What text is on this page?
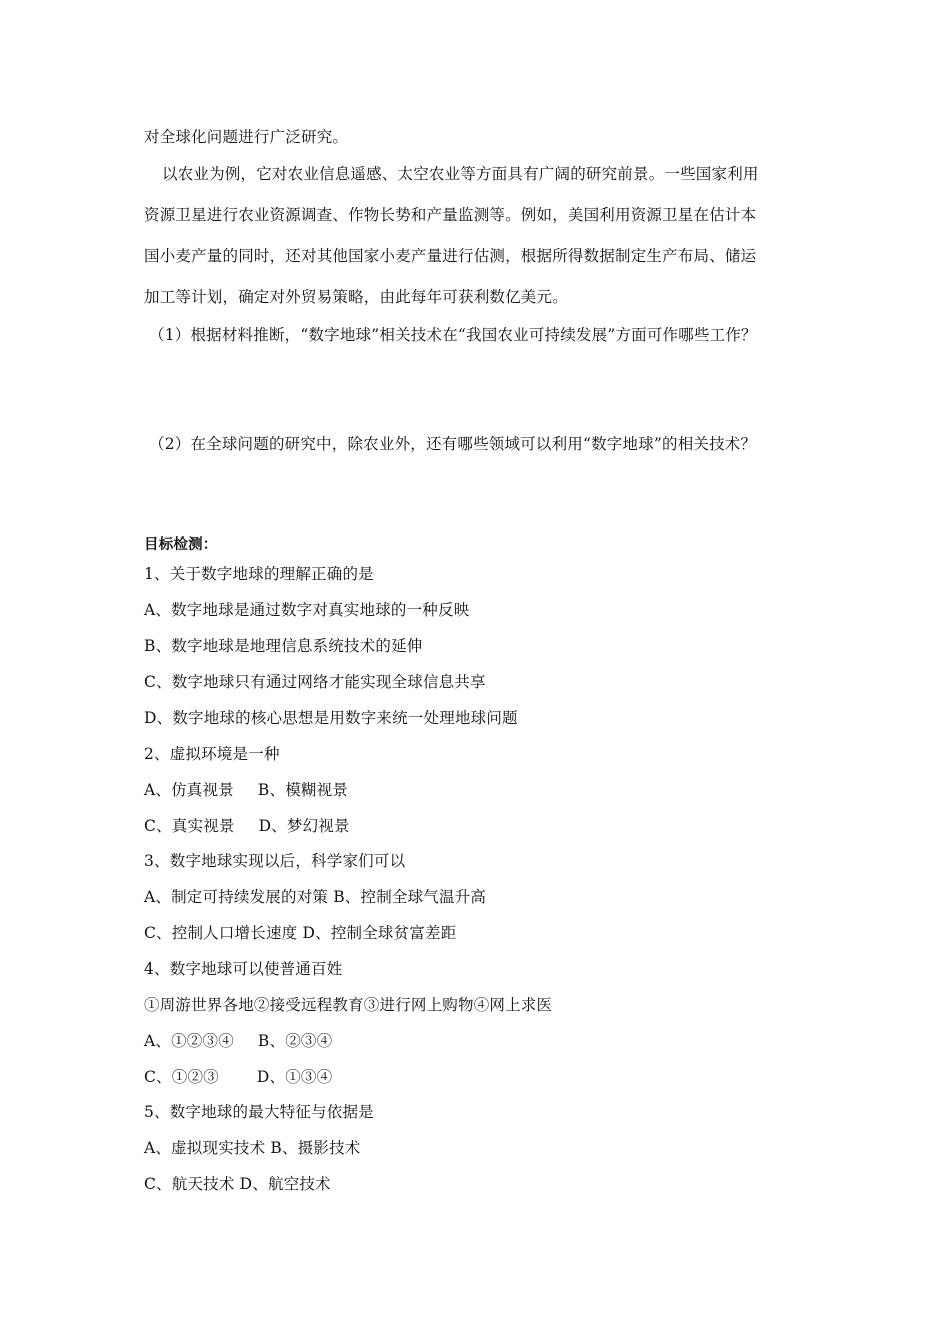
对全球化问题进行广泛研究。
以农业为例，它对农业信息遥感、太空农业等方面具有广阔的研究前景。一些国家利用
资源卫星进行农业资源调查、作物长势和产量监测等。例如，美国利用资源卫星在估计本
国小麦产量的同时，还对其他国家小麦产量进行估测，根据所得数据制定生产布局、储运
加工等计划，确定对外贸易策略，由此每年可获利数亿美元。
（1）根据材料推断，“数字地球”相关技术在“我国农业可持续发展”方面可作哪些工作？
（2）在全球问题的研究中，除农业外，还有哪些领域可以利用“数字地球”的相关技术？
目标检测：
1、关于数字地球的理解正确的是
A、数字地球是通过数字对真实地球的一种反映
B、数字地球是地理信息系统技术的延伸
C、数字地球只有通过网络才能实现全球信息共享
D、数字地球的核心思想是用数字来统一处理地球问题
2、虚拟环境是一种
A、仿真视景 B、模糊视景
C、真实视景 D、梦幻视景
3、数字地球实现以后，科学家们可以
A、制定可持续发展的对策 B、控制全球气温升高
C、控制人口增长速度 D、控制全球贫富差距
4、数字地球可以使普通百姓
①周游世界各地②接受远程教育③进行网上购物④网上求医
A、①②③④ B、②③④
C、①②③ D、①③④
5、数字地球的最大特征与依据是
A、虚拟现实技术 B、摄影技术
C、航天技术 D、航空技术
